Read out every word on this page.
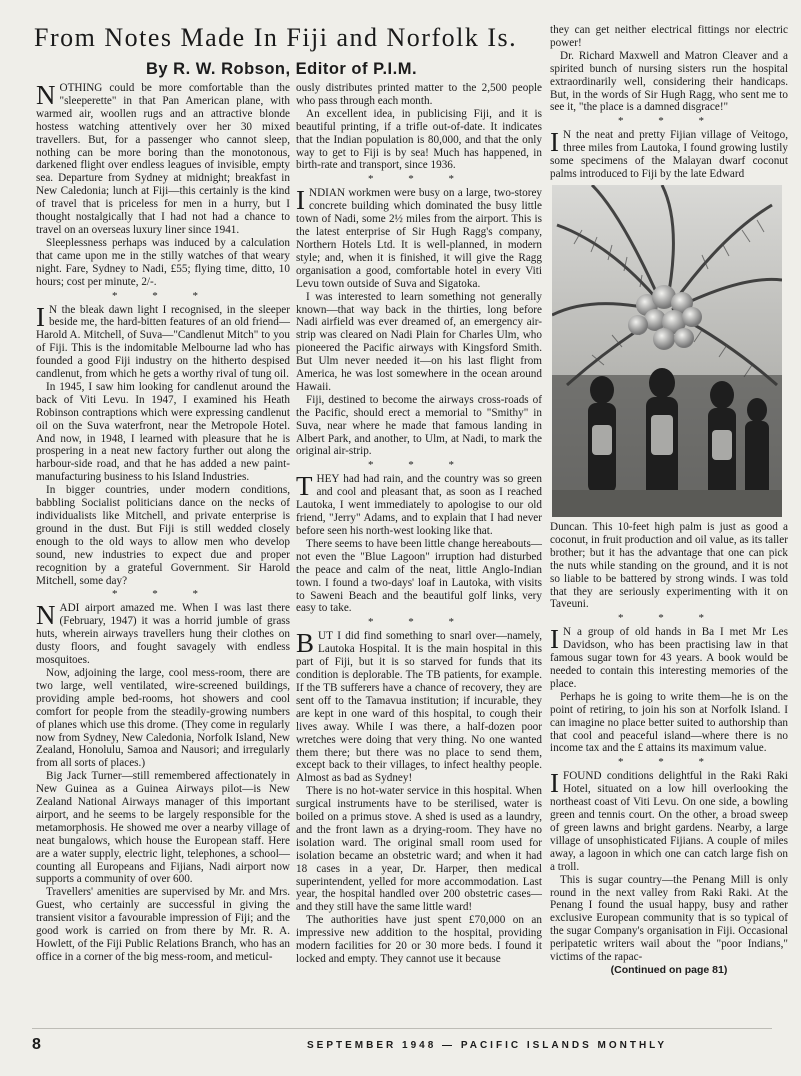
From Notes Made In Fiji and Norfolk Is.
By R. W. Robson, Editor of P.I.M.

NOTHING could be more comfortable than the "sleeperette" in that Pan American plane, with warmed air, woollen rugs and an attractive blonde hostess watching attentively over her 30 mixed travellers. But, for a passenger who cannot sleep, nothing can be more boring than the monotonous, darkened flight over endless leagues of invisible, empty sea. Departure from Sydney at midnight; breakfast in New Caledonia; lunch at Fiji—this certainly is the kind of travel that is priceless for men in a hurry, but I thought nostalgically that I had not had a chance to travel on an overseas luxury liner since 1941.

Sleeplessness perhaps was induced by a calculation that came upon me in the stilly watches of that weary night. Fare, Sydney to Nadi, £55; flying time, ditto, 10 hours; cost per minute, 2/-.

* * *

I N the bleak dawn light I recognised, in the sleeper beside me, the hard-bitten features of an old friend—Harold A. Mitchell, of Suva—"Candlenut Mitch" to you of Fiji. This is the indomitable Melbourne lad who has founded a good Fiji industry on the hitherto despised candlenut, from which he gets a worthy rival of tung oil.

In 1945, I saw him looking for candlenut around the back of Viti Levu. In 1947, I examined his Heath Robinson contraptions which were expressing candlenut oil on the Suva waterfront, near the Metropole Hotel. And now, in 1948, I learned with pleasure that he is prospering in a neat new factory further out along the harbour-side road, and that he has added a new paint-manufacturing business to his Island Industries.

In bigger countries, under modern conditions, babbling Socialist politicians dance on the necks of individualists like Mitchell, and private enterprise is ground in the dust. But Fiji is still wedded closely enough to the old ways to allow men who develop sound, new industries to expect due and proper recognition by a grateful Government. Sir Harold Mitchell, some day?

* * *

NADI airport amazed me. When I was last there (February, 1947) it was a horrid jumble of grass huts, wherein airways travellers hung their clothes on dusty floors, and fought savagely with endless mosquitoes.

Now, adjoining the large, cool mess-room, there are two large, well ventilated, wire-screened buildings, providing ample bed-rooms, hot showers and cool comfort for people from the steadily-growing numbers of planes which use this drome. (They come in regularly now from Sydney, New Caledonia, Norfolk Island, New Zealand, Honolulu, Samoa and Nausori; and irregularly from all sorts of places.)

Big Jack Turner—still remembered affectionately in New Guinea as a Guinea Airways pilot—is New Zealand National Airways manager of this important airport, and he seems to be largely responsible for the metamorphosis. He showed me over a nearby village of neat bungalows, which house the European staff. Here are a water supply, electric light, telephones, a school—counting all Europeans and Fijians, Nadi airport now supports a community of over 600.

Travellers' amenities are supervised by Mr. and Mrs. Guest, who certainly are successful in giving the transient visitor a favourable impression of Fiji; and the good work is carried on from there by Mr. R. A. Howlett, of the Fiji Public Relations Branch, who has an office in a corner of the big mess-room, and meticul-

ously distributes printed matter to the 2,500 people who pass through each month.

An excellent idea, in publicising Fiji, and it is beautiful printing, if a trifle out-of-date. It indicates that the Indian population is 80,000, and that the only way to get to Fiji is by sea! Much has happened, in birth-rate and transport, since 1936.

* * *

INDIAN workmen were busy on a large, two-storey concrete building which dominated the busy little town of Nadi, some 2½ miles from the airport. This is the latest enterprise of Sir Hugh Ragg's company, Northern Hotels Ltd. It is well-planned, in modern style; and, when it is finished, it will give the Ragg organisation a good, comfortable hotel in every Viti Levu town outside of Suva and Sigatoka.

I was interested to learn something not generally known—that way back in the thirties, long before Nadi airfield was ever dreamed of, an emergency air-strip was cleared on Nadi Plain for Charles Ulm, who pioneered the Pacific airways with Kingsford Smith. But Ulm never needed it—on his last flight from America, he was lost somewhere in the ocean around Hawaii.

Fiji, destined to become the airways cross-roads of the Pacific, should erect a memorial to "Smithy" in Suva, near where he made that famous landing in Albert Park, and another, to Ulm, at Nadi, to mark the original air-strip.

* * *

THEY had had rain, and the country was so green and cool and pleasant that, as soon as I reached Lautoka, I went immediately to apologise to our old friend, "Jerry" Adams, and to explain that I had never before seen his north-west looking like that.

There seems to have been little change hereabouts—not even the "Blue Lagoon" irruption had disturbed the peace and calm of the neat, little Anglo-Indian town. I found a two-days' loaf in Lautoka, with visits to Saweni Beach and the beautiful golf links, very easy to take.

* * *

BUT I did find something to snarl over—namely, Lautoka Hospital. It is the main hospital in this part of Fiji, but it is so starved for funds that its condition is deplorable. The TB patients, for example. If the TB sufferers have a chance of recovery, they are sent off to the Tamavua institution; if incurable, they are kept in one ward of this hospital, to cough their lives away. While I was there, a half-dozen poor wretches were doing that very thing. No one wanted them there; but there was no place to send them, except back to their villages, to infect healthy people. Almost as bad as Sydney!

There is no hot-water service in this hospital. When surgical instruments have to be sterilised, water is boiled on a primus stove. A shed is used as a laundry, and the front lawn as a drying-room. They have no isolation ward. The original small room used for isolation became an obstetric ward; and when it had 18 cases in a year, Dr. Harper, then medical superintendent, yelled for more accommodation. Last year, the hospital handled over 200 obstetric cases—and they still have the same little ward!

The authorities have just spent £70,000 on an impressive new addition to the hospital, providing modern facilities for 20 or 30 more beds. I found it locked and empty. They cannot use it because

they can get neither electrical fittings nor electric power!

Dr. Richard Maxwell and Matron Cleaver and a spirited bunch of nursing sisters run the hospital extraordinarily well, considering their handicaps. But, in the words of Sir Hugh Ragg, who sent me to see it, "the place is a damned disgrace!"

* * *

I N the neat and pretty Fijian village of Veitogo, three miles from Lautoka, I found growing lustily some specimens of the Malayan dwarf coconut palms introduced to Fiji by the late Edward

Duncan. This 10-feet high palm is just as good a coconut, in fruit production and oil value, as its taller brother; but it has the advantage that one can pick the nuts while standing on the ground, and it is not so liable to be battered by strong winds. I was told that they are seriously experimenting with it on Taveuni.

* * *

I N a group of old hands in Ba I met Mr Les Davidson, who has been practising law in that famous sugar town for 43 years. A book would be needed to contain this interesting memories of the place.

Perhaps he is going to write them—he is on the point of retiring, to join his son at Norfolk Island. I can imagine no place better suited to authorship than that cool and peaceful island—where there is no income tax and the £ attains its maximum value.

* * *

I FOUND conditions delightful in the Raki Raki Hotel, situated on a low hill overlooking the northeast coast of Viti Levu. On one side, a bowling green and tennis court. On the other, a broad sweep of green lawns and bright gardens. Nearby, a large village of unsophisticated Fijians. A couple of miles away, a lagoon in which one can catch large fish on a troll.

This is sugar country—the Penang Mill is only round in the next valley from Raki Raki. At the Penang I found the usual happy, busy and rather exclusive European community that is so typical of the sugar Company's organisation in Fiji. Occasional peripatetic writers wail about the "poor Indians," victims of the rapac-

(Continued on page 81)

8	SEPTEMBER 1948 — PACIFIC ISLANDS MONTHLY
